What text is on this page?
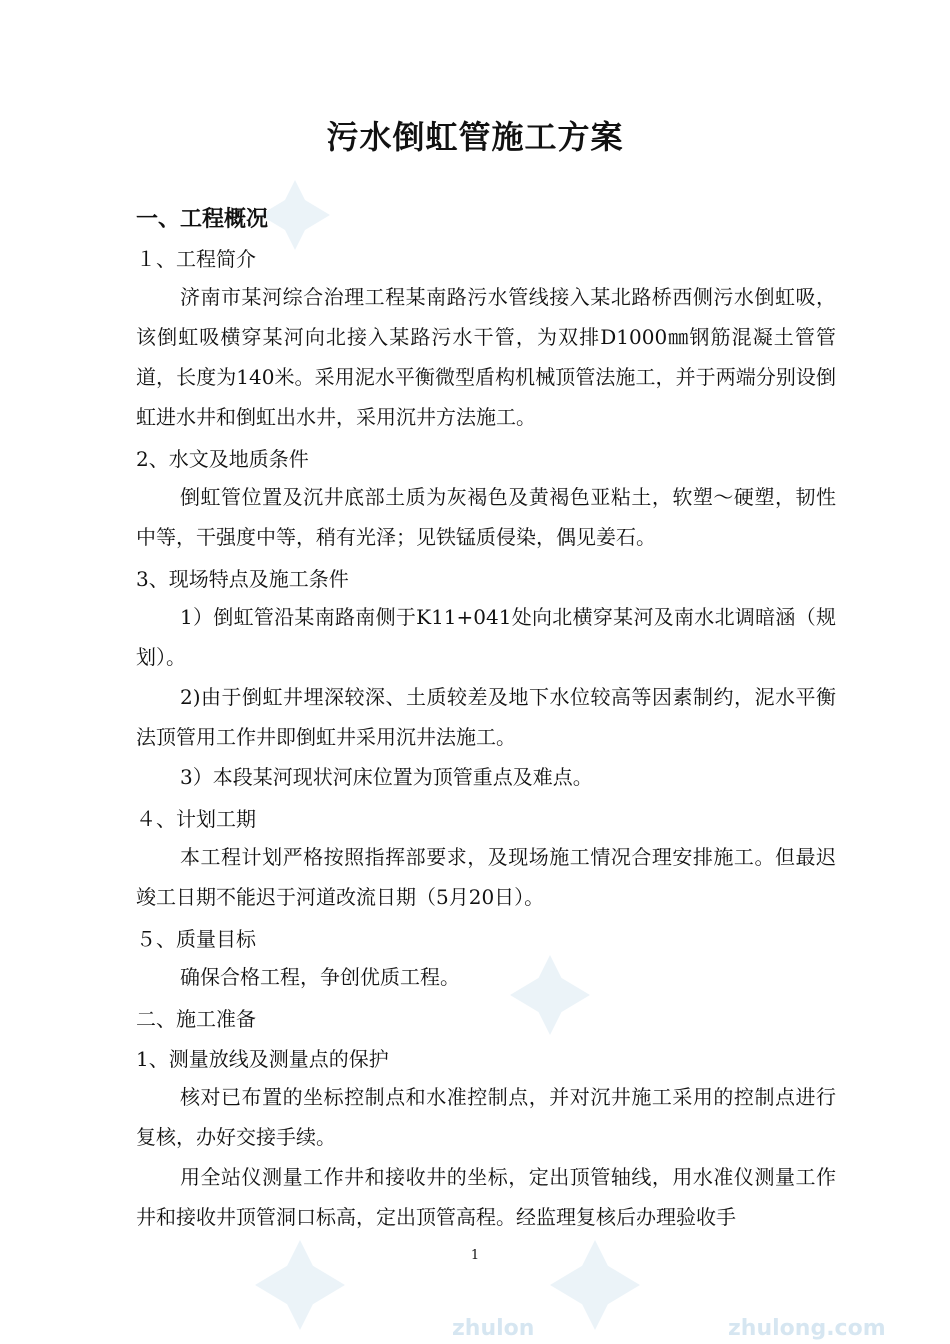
zhulon	zhulong.com
污水倒虹管施工方案
一、工程概况
１、工程简介
济南市某河综合治理工程某南路污水管线接入某北路桥西侧污水倒虹吸，该倒虹吸横穿某河向北接入某路污水干管，为双排D1000㎜钢筋混凝土管管道，长度为140米。采用泥水平衡微型盾构机械顶管法施工，并于两端分别设倒虹进水井和倒虹出水井，采用沉井方法施工。
2、水文及地质条件
倒虹管位置及沉井底部土质为灰褐色及黄褐色亚粘土，软塑～硬塑，韧性中等，干强度中等，稍有光泽；见铁锰质侵染，偶见姜石。
3、现场特点及施工条件
1）倒虹管沿某南路南侧于K11+041处向北横穿某河及南水北调暗涵（规划）。
2)由于倒虹井埋深较深、土质较差及地下水位较高等因素制约，泥水平衡法顶管用工作井即倒虹井采用沉井法施工。
3）本段某河现状河床位置为顶管重点及难点。
４、计划工期
本工程计划严格按照指挥部要求，及现场施工情况合理安排施工。但最迟竣工日期不能迟于河道改流日期（5月20日）。
５、质量目标
确保合格工程，争创优质工程。
二、施工准备
1、测量放线及测量点的保护
核对已布置的坐标控制点和水准控制点，并对沉井施工采用的控制点进行复核，办好交接手续。
用全站仪测量工作井和接收井的坐标，定出顶管轴线，用水准仪测量工作井和接收井顶管洞口标高，定出顶管高程。经监理复核后办理验收手
1
